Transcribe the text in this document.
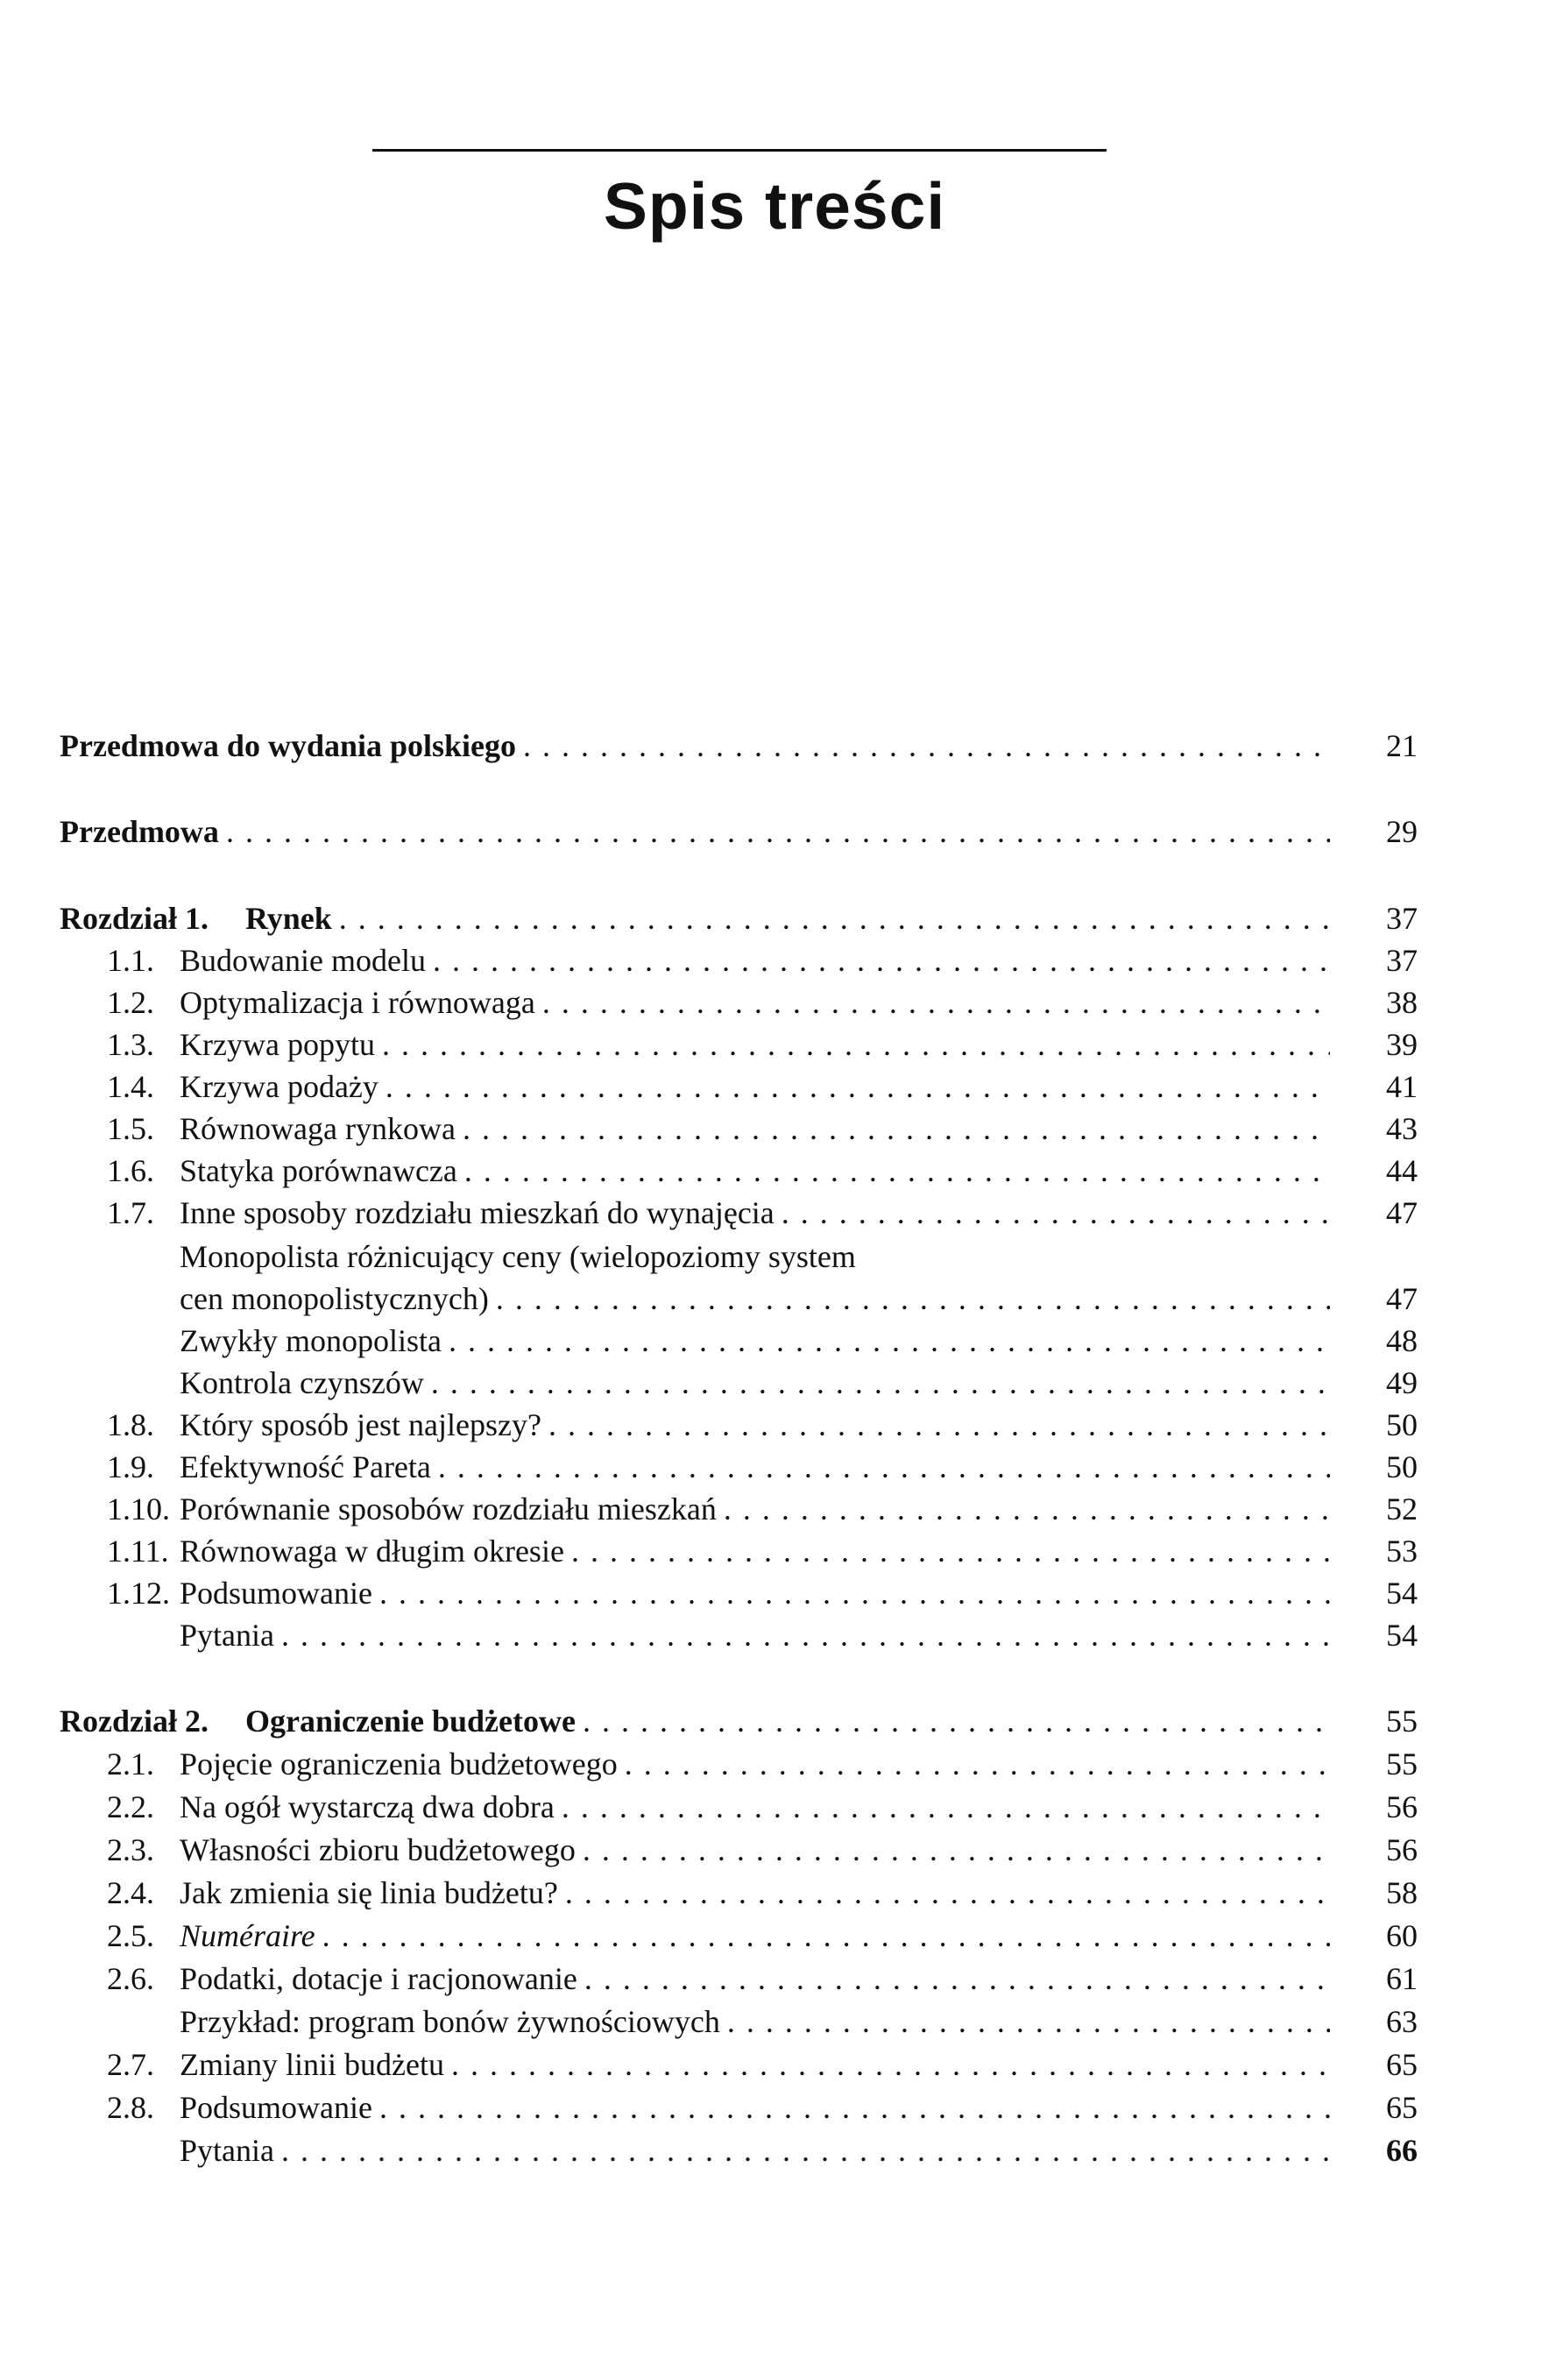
Spis treści
Przedmowa do wydania polskiego . . .	21
Przedmowa . . .	29
Rozdział 1. Rynek . . .	37
1.1. Budowanie modelu . . .	37
1.2. Optymalizacja i równowaga . . .	38
1.3. Krzywa popytu . . .	39
1.4. Krzywa podaży . . .	41
1.5. Równowaga rynkowa . . .	43
1.6. Statyka porównawcza . . .	44
1.7. Inne sposoby rozdziału mieszkań do wynajęcia . . .	47
Monopolista różnicujący ceny (wielopoziomy system
cen monopolistycznych) . . .	47
Zwykły monopolista . . .	48
Kontrola czynszów . . .	49
1.8. Który sposób jest najlepszy? . . .	50
1.9. Efektywność Pareta . . .	50
1.10. Porównanie sposobów rozdziału mieszkań . . .	52
1.11. Równowaga w długim okresie . . .	53
1.12. Podsumowanie . . .	54
Pytania . . .	54
Rozdział 2. Ograniczenie budżetowe . . .	55
2.1. Pojęcie ograniczenia budżetowego . . .	55
2.2. Na ogół wystarczą dwa dobra . . .	56
2.3. Własności zbioru budżetowego . . .	56
2.4. Jak zmienia się linia budżetu? . . .	58
2.5. Numéraire . . .	60
2.6. Podatki, dotacje i racjonowanie . . .	61
Przykład: program bonów żywnościowych . . .	63
2.7. Zmiany linii budżetu . . .	65
2.8. Podsumowanie . . .	65
Pytania . . .	66
